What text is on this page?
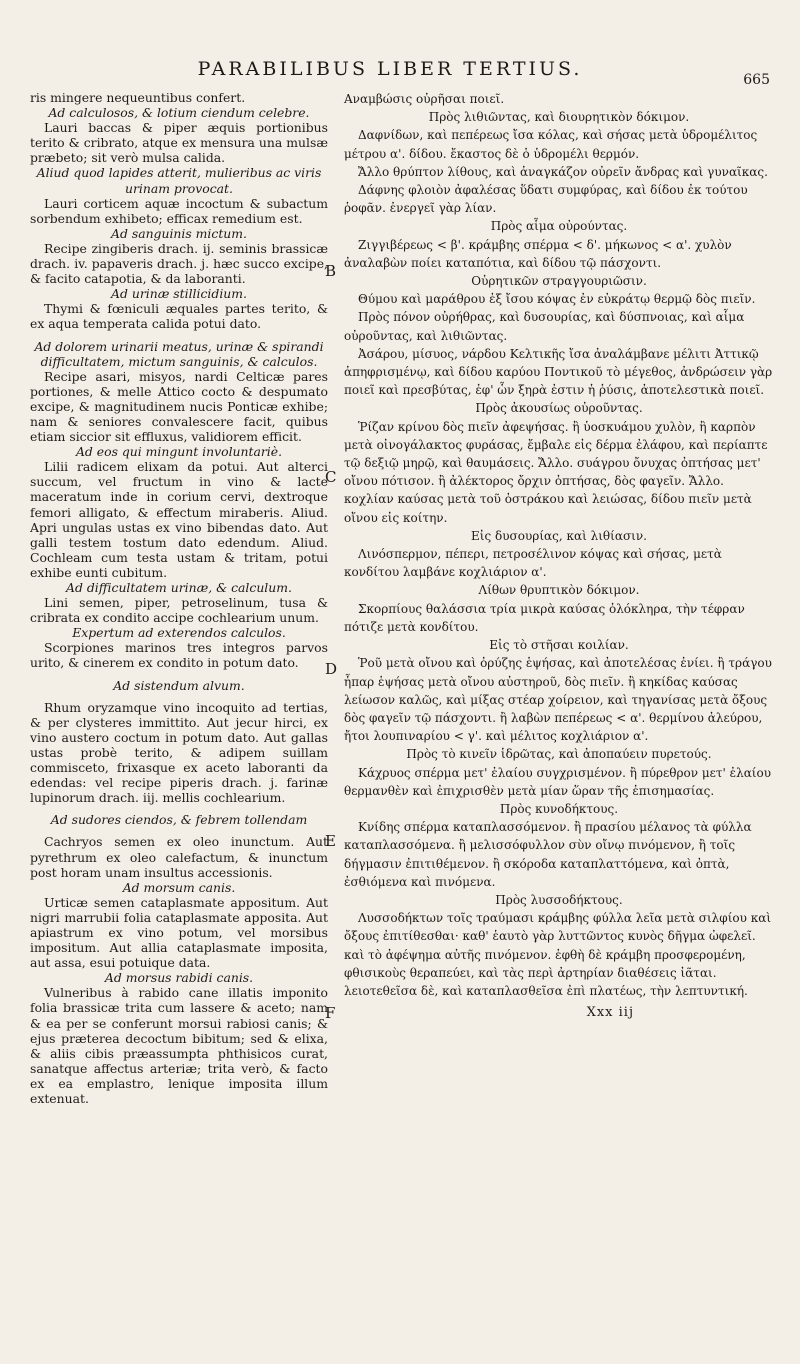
PARABILIBUS LIBER TERTIUS.	665
B
C
D
E
F

ris mingere nequeuntibus confert.

Ad calculosos, & lotium ciendum celebre.

Lauri baccas & piper æquis portionibus terito & cribrato, atque ex mensura una mulsæ præbeto; sit verò mulsa calida.

Aliud quod lapides atterit, mulieribus ac viris urinam provocat.

Lauri corticem aquæ incoctum & subactum sorbendum exhibeto; efficax remedium est.

Ad sanguinis mictum.

Recipe zingiberis drach. ij. seminis brassicæ drach. iv. papaveris drach. j. hæc succo excipe, & facito catapotia, & da laboranti.

Ad urinæ stillicidium.

Thymi & fœniculi æquales partes terito, & ex aqua temperata calida potui dato.

Ad dolorem urinarii meatus, urinæ & spirandi difficultatem, mictum sanguinis, & calculos.

Recipe asari, misyos, nardi Celticæ pares portiones, & melle Attico cocto & despumato excipe, & magnitudinem nucis Ponticæ exhibe; nam & seniores convalescere facit, quibus etiam siccior sit effluxus, validiorem efficit.

Ad eos qui mingunt involuntariè.

Lilii radicem elixam da potui. Aut alterci succum, vel fructum in vino & lacte maceratum inde in corium cervi, dextroque femori alligato, & effectum miraberis. Aliud. Apri ungulas ustas ex vino bibendas dato. Aut galli testem tostum dato edendum. Aliud. Cochleam cum testa ustam & tritam, potui exhibe eunti cubitum.

Ad difficultatem urinæ, & calculum.

Lini semen, piper, petroselinum, tusa & cribrata ex condito accipe cochlearium unum.

Expertum ad exterendos calculos.

Scorpiones marinos tres integros parvos urito, & cinerem ex condito in potum dato.

Ad sistendum alvum.

Rhum oryzamque vino incoquito ad tertias, & per clysteres immittito. Aut jecur hirci, ex vino austero coctum in potum dato. Aut gallas ustas probè terito, & adipem suillam commisceto, frixasque ex aceto laboranti da edendas: vel recipe piperis drach. j. farinæ lupinorum drach. iij. mellis cochlearium.

Ad sudores ciendos, & febrem tollendam

Cachryos semen ex oleo inunctum. Aut pyrethrum ex oleo calefactum, & inunctum post horam unam insultus accessionis.

Ad morsum canis.

Urticæ semen cataplasmate appositum. Aut nigri marrubii folia cataplasmate apposita. Aut apiastrum ex vino potum, vel morsibus impositum. Aut allia cataplasmate imposita, aut assa, esui potuique data.

Ad morsus rabidi canis.

Vulneribus à rabido cane illatis imponito folia brassicæ trita cum lassere & aceto; nam & ea per se conferunt morsui rabiosi canis; & ejus præterea decoctum bibitum; sed & elixa, & aliis cibis præassumpta phthisicos curat, sanatque affectus arteriæ; trita verò, & facto ex ea emplastro, lenique imposita illum extenuat.

Αναμβώσις οὐρῆσαι ποιεῖ.

Πρὸς λιθιῶντας, καὶ διουρητικὸν δόκιμον.

Δαφνίδων, καὶ πεπέρεως ἴσα κόλας, καὶ σήσας μετὰ ὑδρομέλιτος μέτρου α'. δίδου. ἔκαστος δὲ ὁ ὑδρομέλι θερμόν.

Ἄλλο θρύπτον λίθους, καὶ ἀναγκάζον οὐρεῖν ἄνδρας καὶ γυναῖκας.

Δάφνης φλοιὸν ἀφαλέσας ὕδατι συμφύρας, καὶ δίδου ἐκ τούτου ῥοφᾶν. ἐνεργεῖ γὰρ λίαν.

Πρὸς αἷμα οὐρούντας.

Ζιγγιβέρεως < β'. κράμβης σπέρμα < δ'. μήκωνος < α'. χυλὸν ἀναλαβὼν ποίει καταπότια, καὶ δίδου τῷ πάσχοντι.

Οὐρητικῶν στραγγουριῶσιν.

Θύμου καὶ μαράθρου ἐξ ἴσου κόψας ἐν εὐκράτῳ θερμῷ δὸς πιεῖν.

Πρὸς πόνον οὐρήθρας, καὶ δυσουρίας, καὶ δύσπνοιας, καὶ αἷμα οὐροῦντας, καὶ λιθιῶντας.

Ἀσάρου, μίσυος, νάρδου Κελτικῆς ἴσα ἀναλάμβανε μέλιτι Ἀττικῷ ἀπηφρισμένῳ, καὶ δίδου καρύου Ποντικοῦ τὸ μέγεθος, ἀνδρώσειν γὰρ ποιεῖ καὶ πρεσβύτας, ἐφ' ὧν ξηρὰ ἐστιν ἡ ῥύσις, ἀποτελεστικὰ ποιεῖ.

Πρὸς ἀκουσίως οὐροῦντας.

Ῥίζαν κρίνου δὸς πιεῖν ἀφεψήσας. ἢ ὑοσκυάμου χυλὸν, ἢ καρπὸν μετὰ οἰνογάλακτος φυράσας, ἔμβαλε εἰς δέρμα ἐλάφου, καὶ περίαπτε τῷ δεξιῷ μηρῷ, καὶ θαυμάσεις. Ἄλλο. συάγρου ὄνυχας ὀπτήσας μετ' οἴνου πότισον. ἢ ἀλέκτορος ὄρχιν ὀπτήσας, δὸς φαγεῖν. Ἄλλο. κοχλίαν καύσας μετὰ τοῦ ὀστράκου καὶ λειώσας, δίδου πιεῖν μετὰ οἴνου εἰς κοίτην.

Εἰς δυσουρίας, καὶ λιθίασιν.

Λινόσπερμον, πέπερι, πετροσέλινον κόψας καὶ σήσας, μετὰ κονδίτου λαμβάνε κοχλιάριον α'.

Λίθων θρυπτικὸν δόκιμον.

Σκορπίους θαλάσσια τρία μικρὰ καύσας ὁλόκληρα, τὴν τέφραν πότιζε μετὰ κονδίτου.

Εἰς τὸ στῆσαι κοιλίαν.

Ῥοῦ μετὰ οἴνου καὶ ὀρύζης ἑψήσας, καὶ ἀποτελέσας ἐνίει. ἢ τράγου ἧπαρ ἑψήσας μετὰ οἴνου αὐστηροῦ, δὸς πιεῖν. ἢ κηκίδας καύσας λείωσον καλῶς, καὶ μίξας στέαρ χοίρειον, καὶ τηγανίσας μετὰ ὄξους δὸς φαγεῖν τῷ πάσχοντι. ἢ λαβὼν πεπέρεως < α'. θερμίνου ἀλεύρου, ἤτοι λουπιναρίου < γ'. καὶ μέλιτος κοχλιάριον α'.

Πρὸς τὸ κινεῖν ἱδρῶτας, καὶ ἀποπαύειν πυρετούς.

Κάχρυος σπέρμα μετ' ἐλαίου συγχρισμένον. ἢ πύρεθρον μετ' ἐλαίου θερμανθὲν καὶ ἐπιχρισθὲν μετὰ μίαν ὥραν τῆς ἐπισημασίας.

Πρὸς κυνοδήκτους.

Κνίδης σπέρμα καταπλασσόμενον. ἢ πρασίου μέλανος τὰ φύλλα καταπλασσόμενα. ἢ μελισσόφυλλον σὺν οἴνῳ πινόμενον, ἢ τοῖς δήγμασιν ἐπιτιθέμενον. ἢ σκόροδα καταπλαττόμενα, καὶ ὀπτὰ, ἐσθιόμενα καὶ πινόμενα.

Πρὸς λυσσοδήκτους.

Λυσσοδήκτων τοῖς τραύμασι κράμβης φύλλα λεῖα μετὰ σιλφίου καὶ ὄξους ἐπιτίθεσθαι· καθ' ἑαυτὸ γὰρ λυττῶντος κυνὸς δῆγμα ὠφελεῖ. καὶ τὸ ἀφέψημα αὐτῆς πινόμενον. ἑφθὴ δὲ κράμβη προσφερομένη, φθισικοὺς θεραπεύει, καὶ τὰς περὶ ἀρτηρίαν διαθέσεις ἰᾶται. λειοτεθεῖσα δὲ, καὶ καταπλασθεῖσα ἐπὶ πλατέως, τὴν λεπτυντική.

Xxx iij
